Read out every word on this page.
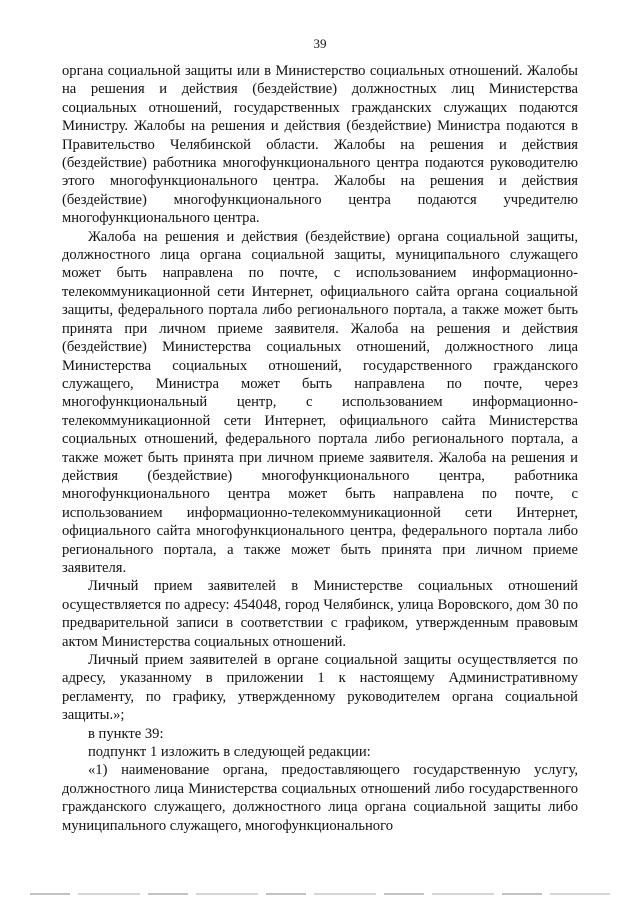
39

органа социальной защиты или в Министерство социальных отношений. Жалобы на решения и действия (бездействие) должностных лиц Министерства социальных отношений, государственных гражданских служащих подаются Министру. Жалобы на решения и действия (бездействие) Министра подаются в Правительство Челябинской области. Жалобы на решения и действия (бездействие) работника многофункционального центра подаются руководителю этого многофункционального центра. Жалобы на решения и действия (бездействие) многофункционального центра подаются учредителю многофункционального центра.

Жалоба на решения и действия (бездействие) органа социальной защиты, должностного лица органа социальной защиты, муниципального служащего может быть направлена по почте, с использованием информационно-телекоммуникационной сети Интернет, официального сайта органа социальной защиты, федерального портала либо регионального портала, а также может быть принята при личном приеме заявителя. Жалоба на решения и действия (бездействие) Министерства социальных отношений, должностного лица Министерства социальных отношений, государственного гражданского служащего, Министра может быть направлена по почте, через многофункциональный центр, с использованием информационно-телекоммуникационной сети Интернет, официального сайта Министерства социальных отношений, федерального портала либо регионального портала, а также может быть принята при личном приеме заявителя. Жалоба на решения и действия (бездействие) многофункционального центра, работника многофункционального центра может быть направлена по почте, с использованием информационно-телекоммуникационной сети Интернет, официального сайта многофункционального центра, федерального портала либо регионального портала, а также может быть принята при личном приеме заявителя.

Личный прием заявителей в Министерстве социальных отношений осуществляется по адресу: 454048, город Челябинск, улица Воровского, дом 30 по предварительной записи в соответствии с графиком, утвержденным правовым актом Министерства социальных отношений.

Личный прием заявителей в органе социальной защиты осуществляется по адресу, указанному в приложении 1 к настоящему Административному регламенту, по графику, утвержденному руководителем органа социальной защиты.»;

в пункте 39:

подпункт 1 изложить в следующей редакции:

«1) наименование органа, предоставляющего государственную услугу, должностного лица Министерства социальных отношений либо государственного гражданского служащего, должностного лица органа социальной защиты либо муниципального служащего, многофункционального
